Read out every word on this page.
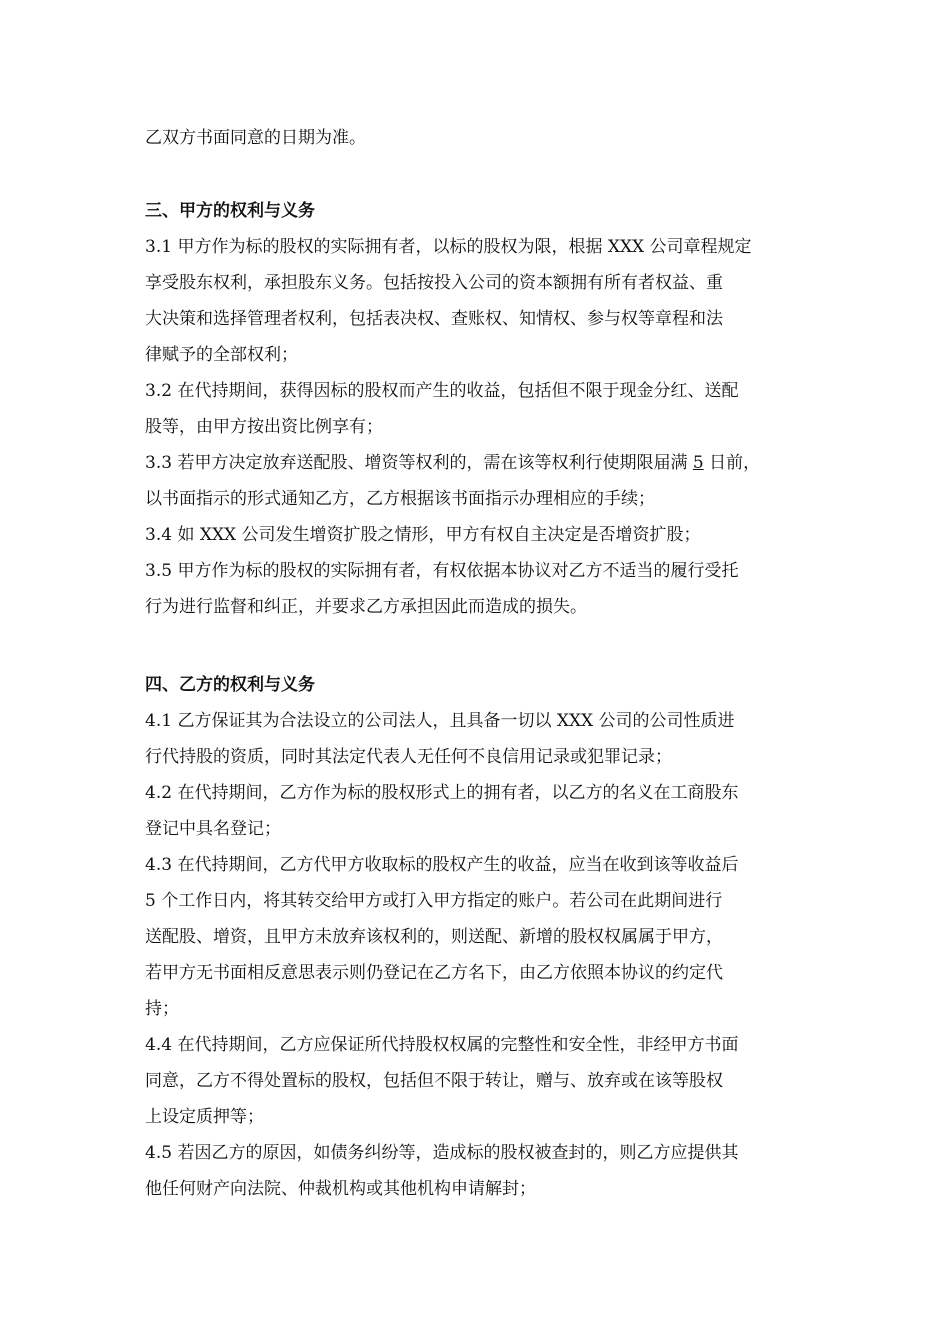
乙双方书面同意的日期为准。
三、甲方的权利与义务
3.1 甲方作为标的股权的实际拥有者，以标的股权为限，根据 XXX 公司章程规定
享受股东权利，承担股东义务。包括按投入公司的资本额拥有所有者权益、重
大决策和选择管理者权利，包括表决权、查账权、知情权、参与权等章程和法
律赋予的全部权利；
3.2 在代持期间，获得因标的股权而产生的收益，包括但不限于现金分红、送配
股等，由甲方按出资比例享有；
3.3 若甲方决定放弃送配股、增资等权利的，需在该等权利行使期限届满 5 日前，
以书面指示的形式通知乙方，乙方根据该书面指示办理相应的手续；
3.4 如 XXX 公司发生增资扩股之情形，甲方有权自主决定是否增资扩股；
3.5 甲方作为标的股权的实际拥有者，有权依据本协议对乙方不适当的履行受托
行为进行监督和纠正，并要求乙方承担因此而造成的损失。
四、乙方的权利与义务
4.1 乙方保证其为合法设立的公司法人，且具备一切以 XXX 公司的公司性质进
行代持股的资质，同时其法定代表人无任何不良信用记录或犯罪记录；
4.2 在代持期间，乙方作为标的股权形式上的拥有者，以乙方的名义在工商股东
登记中具名登记；
4.3 在代持期间，乙方代甲方收取标的股权产生的收益，应当在收到该等收益后
5 个工作日内，将其转交给甲方或打入甲方指定的账户。若公司在此期间进行
送配股、增资，且甲方未放弃该权利的，则送配、新增的股权权属属于甲方，
若甲方无书面相反意思表示则仍登记在乙方名下，由乙方依照本协议的约定代
持；
4.4 在代持期间，乙方应保证所代持股权权属的完整性和安全性，非经甲方书面
同意，乙方不得处置标的股权，包括但不限于转让，赠与、放弃或在该等股权
上设定质押等；
4.5 若因乙方的原因，如债务纠纷等，造成标的股权被查封的，则乙方应提供其
他任何财产向法院、仲裁机构或其他机构申请解封；
